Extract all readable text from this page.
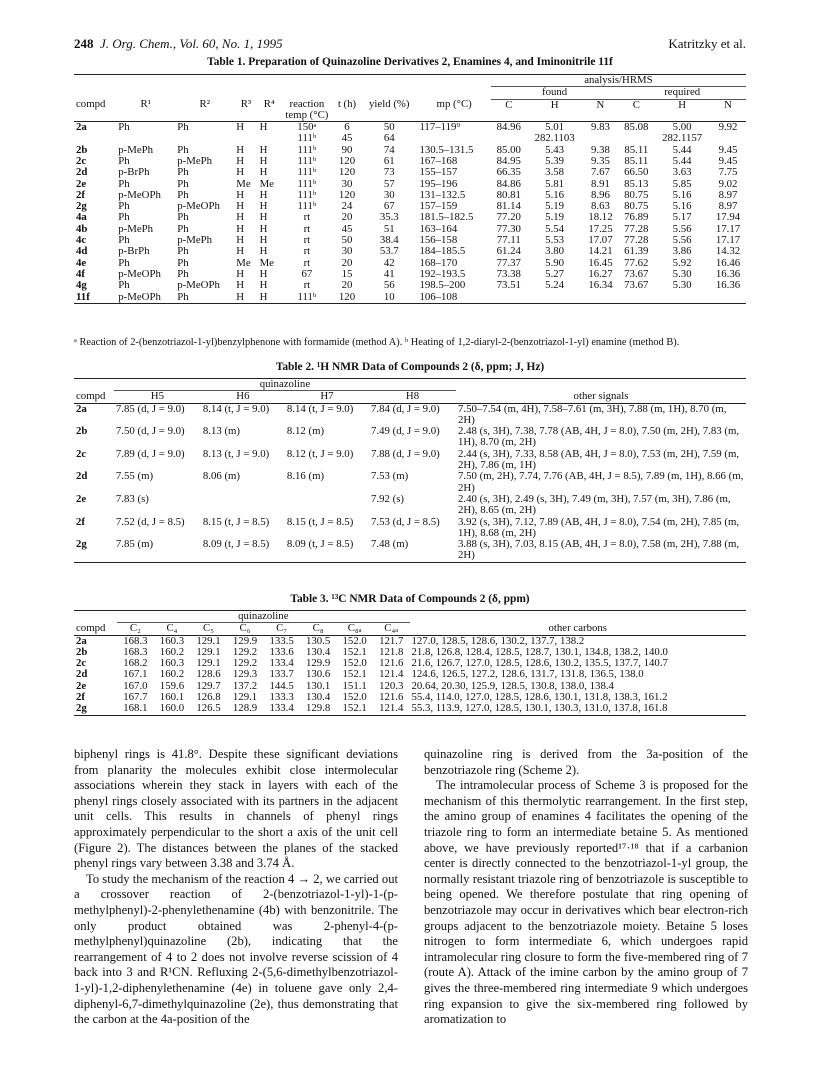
248 J. Org. Chem., Vol. 60, No. 1, 1995	Katritzky et al.
Table 1. Preparation of Quinazoline Derivatives 2, Enamines 4, and Iminonitrile 11f
									analysis/HRMS					
									found			required		
compd	R¹	R²	R³	R⁴	reaction temp (°C)	t (h)	yield (%)	mp (°C)	C	H	N	C	H	N
2a	Ph	Ph	H	H	150ᵃ	6	50	117–119⁹	84.96	5.01	9.83	85.08	5.00	9.92
					111ᵇ	45	64			282.1103			282.1157	
2b	p-MePh	Ph	H	H	111ᵇ	90	74	130.5–131.5	85.00	5.43	9.38	85.11	5.44	9.45
2c	Ph	p-MePh	H	H	111ᵇ	120	61	167–168	84.95	5.39	9.35	85.11	5.44	9.45
2d	p-BrPh	Ph	H	H	111ᵇ	120	73	155–157	66.35	3.58	7.67	66.50	3.63	7.75
2e	Ph	Ph	Me	Me	111ᵇ	30	57	195–196	84.86	5.81	8.91	85.13	5.85	9.02
2f	p-MeOPh	Ph	H	H	111ᵇ	120	30	131–132.5	80.81	5.16	8.96	80.75	5.16	8.97
2g	Ph	p-MeOPh	H	H	111ᵇ	24	67	157–159	81.14	5.19	8.63	80.75	5.16	8.97
4a	Ph	Ph	H	H	rt	20	35.3	181.5–182.5	77.20	5.19	18.12	76.89	5.17	17.94
4b	p-MePh	Ph	H	H	rt	45	51	163–164	77.30	5.54	17.25	77.28	5.56	17.17
4c	Ph	p-MePh	H	H	rt	50	38.4	156–158	77.11	5.53	17.07	77.28	5.56	17.17
4d	p-BrPh	Ph	H	H	rt	30	53.7	184–185.5	61.24	3.80	14.21	61.39	3.86	14.32
4e	Ph	Ph	Me	Me	rt	20	42	168–170	77.37	5.90	16.45	77.62	5.92	16.46
4f	p-MeOPh	Ph	H	H	67	15	41	192–193.5	73.38	5.27	16.27	73.67	5.30	16.36
4g	Ph	p-MeOPh	H	H	rt	20	56	198.5–200	73.51	5.24	16.34	73.67	5.30	16.36
11f	p-MeOPh	Ph	H	H	111ᵇ	120	10	106–108						
ᵃ Reaction of 2-(benzotriazol-1-yl)benzylphenone with formamide (method A). ᵇ Heating of 1,2-diaryl-2-(benzotriazol-1-yl) enamine (method B).
Table 2. ¹H NMR Data of Compounds 2 (δ, ppm; J, Hz)
	quinazoline				
compd	H5	H6	H7	H8	other signals
2a	7.85 (d, J = 9.0)	8.14 (t, J = 9.0)	8.14 (t, J = 9.0)	7.84 (d, J = 9.0)	7.50–7.54 (m, 4H), 7.58–7.61 (m, 3H), 7.88 (m, 1H), 8.70 (m, 2H)
2b	7.50 (d, J = 9.0)	8.13 (m)	8.12 (m)	7.49 (d, J = 9.0)	2.48 (s, 3H), 7.38, 7.78 (AB, 4H, J = 8.0), 7.50 (m, 2H), 7.83 (m, 1H), 8.70 (m, 2H)
2c	7.89 (d, J = 9.0)	8.13 (t, J = 9.0)	8.12 (t, J = 9.0)	7.88 (d, J = 9.0)	2.44 (s, 3H), 7.33, 8.58 (AB, 4H, J = 8.0), 7.53 (m, 2H), 7.59 (m, 2H), 7.86 (m, 1H)
2d	7.55 (m)	8.06 (m)	8.16 (m)	7.53 (m)	7.50 (m, 2H), 7.74, 7.76 (AB, 4H, J = 8.5), 7.89 (m, 1H), 8.66 (m, 2H)
2e	7.83 (s)			7.92 (s)	2.40 (s, 3H), 2.49 (s, 3H), 7.49 (m, 3H), 7.57 (m, 3H), 7.86 (m, 2H), 8.65 (m, 2H)
2f	7.52 (d, J = 8.5)	8.15 (t, J = 8.5)	8.15 (t, J = 8.5)	7.53 (d, J = 8.5)	3.92 (s, 3H), 7.12, 7.89 (AB, 4H, J = 8.0), 7.54 (m, 2H), 7.85 (m, 1H), 8.68 (m, 2H)
2g	7.85 (m)	8.09 (t, J = 8.5)	8.09 (t, J = 8.5)	7.48 (m)	3.88 (s, 3H), 7.03, 8.15 (AB, 4H, J = 8.0), 7.58 (m, 2H), 7.88 (m, 2H)
Table 3. ¹³C NMR Data of Compounds 2 (δ, ppm)
	quinazoline								
compd	C₂	C₄	C₅	C₆	C₇	C₈	C₈ₐ	C₄ₐ	other carbons
2a	168.3	160.3	129.1	129.9	133.5	130.5	152.0	121.7	127.0, 128.5, 128.6, 130.2, 137.7, 138.2
2b	168.3	160.2	129.1	129.2	133.6	130.4	152.1	121.8	21.8, 126.8, 128.4, 128.5, 128.7, 130.1, 134.8, 138.2, 140.0
2c	168.2	160.3	129.1	129.2	133.4	129.9	152.0	121.6	21.6, 126.7, 127.0, 128.5, 128.6, 130.2, 135.5, 137.7, 140.7
2d	167.1	160.2	128.6	129.3	133.7	130.6	152.1	121.4	124.6, 126.5, 127.2, 128.6, 131.7, 131.8, 136.5, 138.0
2e	167.0	159.6	129.7	137.2	144.5	130.1	151.1	120.3	20.64, 20.30, 125.9, 128.5, 130.8, 138.0, 138.4
2f	167.7	160.1	126.8	129.1	133.3	130.4	152.0	121.6	55.4, 114.0, 127.0, 128.5, 128.6, 130.1, 131.8, 138.3, 161.2
2g	168.1	160.0	126.5	128.9	133.4	129.8	152.1	121.4	55.3, 113.9, 127.0, 128.5, 130.1, 130.3, 131.0, 137.8, 161.8

biphenyl rings is 41.8°. Despite these significant deviations from planarity the molecules exhibit close intermolecular associations wherein they stack in layers with each of the phenyl rings closely associated with its partners in the adjacent unit cells. This results in channels of phenyl rings approximately perpendicular to the short a axis of the unit cell (Figure 2). The distances between the planes of the stacked phenyl rings vary between 3.38 and 3.74 Å.

To study the mechanism of the reaction 4 → 2, we carried out a crossover reaction of 2-(benzotriazol-1-yl)-1-(p-methylphenyl)-2-phenylethenamine (4b) with benzonitrile. The only product obtained was 2-phenyl-4-(p-methylphenyl)quinazoline (2b), indicating that the rearrangement of 4 to 2 does not involve reverse scission of 4 back into 3 and R¹CN. Refluxing 2-(5,6-dimethylbenzotriazol-1-yl)-1,2-diphenylethenamine (4e) in toluene gave only 2,4-diphenyl-6,7-dimethylquinazoline (2e), thus demonstrating that the carbon at the 4a-position of the

quinazoline ring is derived from the 3a-position of the benzotriazole ring (Scheme 2).

The intramolecular process of Scheme 3 is proposed for the mechanism of this thermolytic rearrangement. In the first step, the amino group of enamines 4 facilitates the opening of the triazole ring to form an intermediate betaine 5. As mentioned above, we have previously reported¹⁷·¹⁸ that if a carbanion center is directly connected to the benzotriazol-1-yl group, the normally resistant triazole ring of benzotriazole is susceptible to being opened. We therefore postulate that ring opening of benzotriazole may occur in derivatives which bear electron-rich groups adjacent to the benzotriazole moiety. Betaine 5 loses nitrogen to form intermediate 6, which undergoes rapid intramolecular ring closure to form the five-membered ring of 7 (route A). Attack of the imine carbon by the amino group of 7 gives the three-membered ring intermediate 9 which undergoes ring expansion to give the six-membered ring followed by aromatization to
